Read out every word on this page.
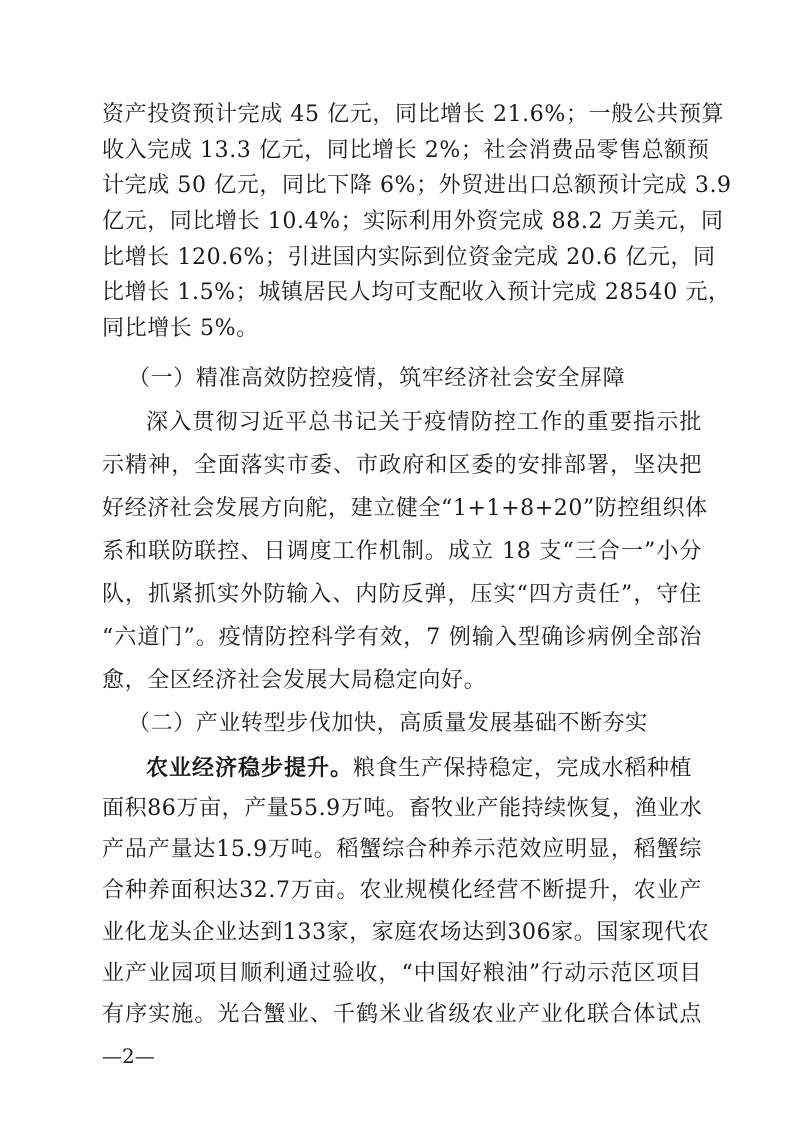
资产投资预计完成 45 亿元，同比增长 21.6%；一般公共预算
收入完成 13.3 亿元，同比增长 2%；社会消费品零售总额预
计完成 50 亿元，同比下降 6%；外贸进出口总额预计完成 3.9
亿元，同比增长 10.4%；实际利用外资完成 88.2 万美元，同
比增长 120.6%；引进国内实际到位资金完成 20.6 亿元，同
比增长 1.5%；城镇居民人均可支配收入预计完成 28540 元，
同比增长 5%。
（一）精准高效防控疫情，筑牢经济社会安全屏障
深入贯彻习近平总书记关于疫情防控工作的重要指示批
示精神，全面落实市委、市政府和区委的安排部署，坚决把
好经济社会发展方向舵，建立健全“1+1+8+20”防控组织体
系和联防联控、日调度工作机制。成立 18 支“三合一”小分
队，抓紧抓实外防输入、内防反弹，压实“四方责任”，守住
“六道门”。疫情防控科学有效，7 例输入型确诊病例全部治
愈，全区经济社会发展大局稳定向好。
（二）产业转型步伐加快，高质量发展基础不断夯实
农业经济稳步提升。粮食生产保持稳定，完成水稻种植
面积86万亩，产量55.9万吨。畜牧业产能持续恢复，渔业水
产品产量达15.9万吨。稻蟹综合种养示范效应明显，稻蟹综
合种养面积达32.7万亩。农业规模化经营不断提升，农业产
业化龙头企业达到133家，家庭农场达到306家。国家现代农
业产业园项目顺利通过验收，“中国好粮油”行动示范区项目
有序实施。光合蟹业、千鹤米业省级农业产业化联合体试点
—2—
